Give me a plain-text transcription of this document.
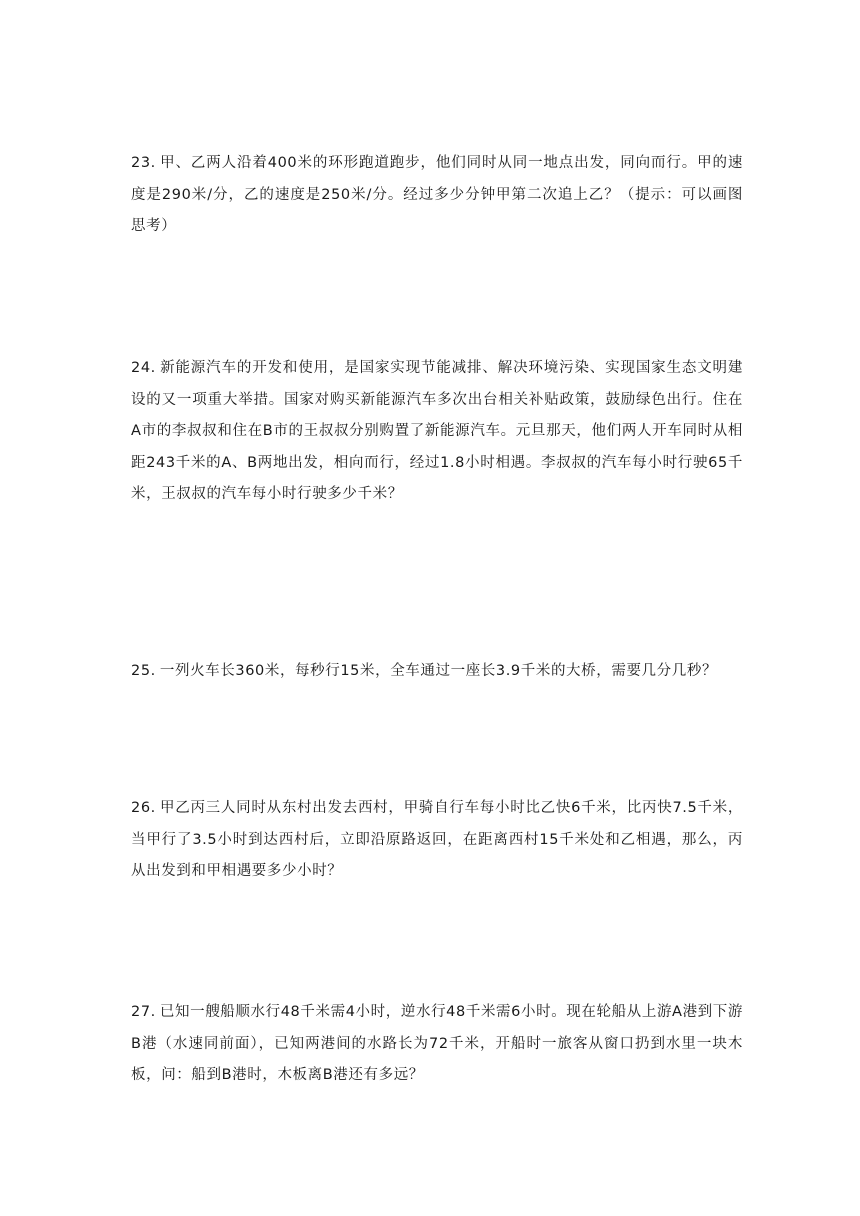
23. 甲、乙两人沿着400米的环形跑道跑步，他们同时从同一地点出发，同向而行。甲的速度是290米/分，乙的速度是250米/分。经过多少分钟甲第二次追上乙？（提示：可以画图思考）

24. 新能源汽车的开发和使用，是国家实现节能减排、解决环境污染、实现国家生态文明建设的又一项重大举措。国家对购买新能源汽车多次出台相关补贴政策，鼓励绿色出行。住在A市的李叔叔和住在B市的王叔叔分别购置了新能源汽车。元旦那天，他们两人开车同时从相距243千米的A、B两地出发，相向而行，经过1.8小时相遇。李叔叔的汽车每小时行驶65千米，王叔叔的汽车每小时行驶多少千米？

25. 一列火车长360米，每秒行15米，全车通过一座长3.9千米的大桥，需要几分几秒？

26. 甲乙丙三人同时从东村出发去西村，甲骑自行车每小时比乙快6千米，比丙快7.5千米，当甲行了3.5小时到达西村后，立即沿原路返回，在距离西村15千米处和乙相遇，那么，丙从出发到和甲相遇要多少小时？

27. 已知一艘船顺水行48千米需4小时，逆水行48千米需6小时。现在轮船从上游A港到下游B港（水速同前面），已知两港间的水路长为72千米，开船时一旅客从窗口扔到水里一块木板，问：船到B港时，木板离B港还有多远？
